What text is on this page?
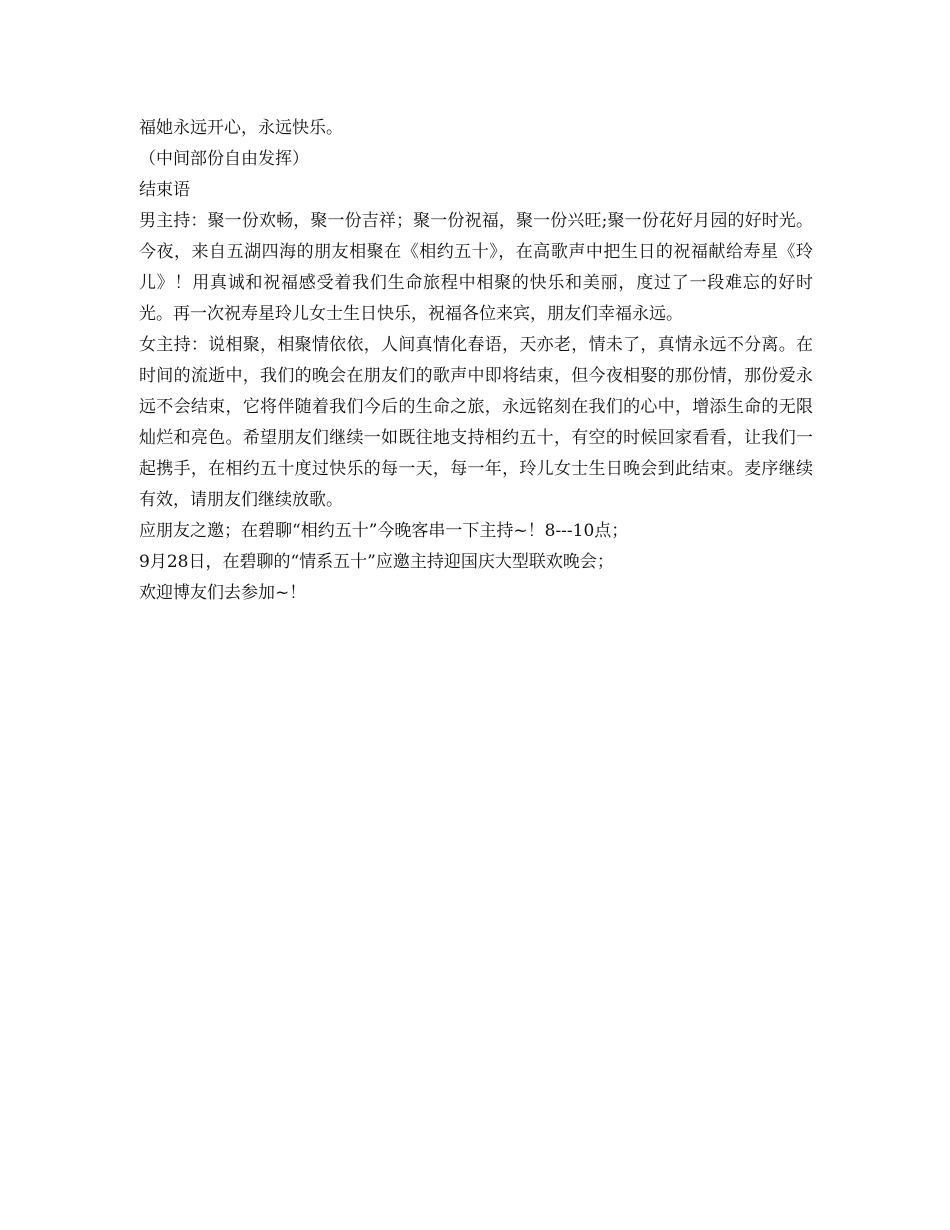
福她永远开心，永远快乐。

（中间部份自由发挥）

结束语

男主持：聚一份欢畅，聚一份吉祥；聚一份祝福，聚一份兴旺;聚一份花好月园的好时光。今夜，来自五湖四海的朋友相聚在《相约五十》，在高歌声中把生日的祝福献给寿星《玲儿》！用真诚和祝福感受着我们生命旅程中相聚的快乐和美丽，度过了一段难忘的好时光。再一次祝寿星玲儿女士生日快乐，祝福各位来宾，朋友们幸福永远。

女主持：说相聚，相聚情依依，人间真情化春语，天亦老，情未了，真情永远不分离。在时间的流逝中，我们的晚会在朋友们的歌声中即将结束，但今夜相娶的那份情，那份爱永远不会结束，它将伴随着我们今后的生命之旅，永远铭刻在我们的心中，增添生命的无限灿烂和亮色。希望朋友们继续一如既往地支持相约五十，有空的时候回家看看，让我们一起携手，在相约五十度过快乐的每一天，每一年，玲儿女士生日晚会到此结束。麦序继续有效，请朋友们继续放歌。

应朋友之邀；在碧聊“相约五十”今晚客串一下主持~！8---10点；

9月28日，在碧聊的“情系五十”应邀主持迎国庆大型联欢晚会；

欢迎博友们去参加~！
